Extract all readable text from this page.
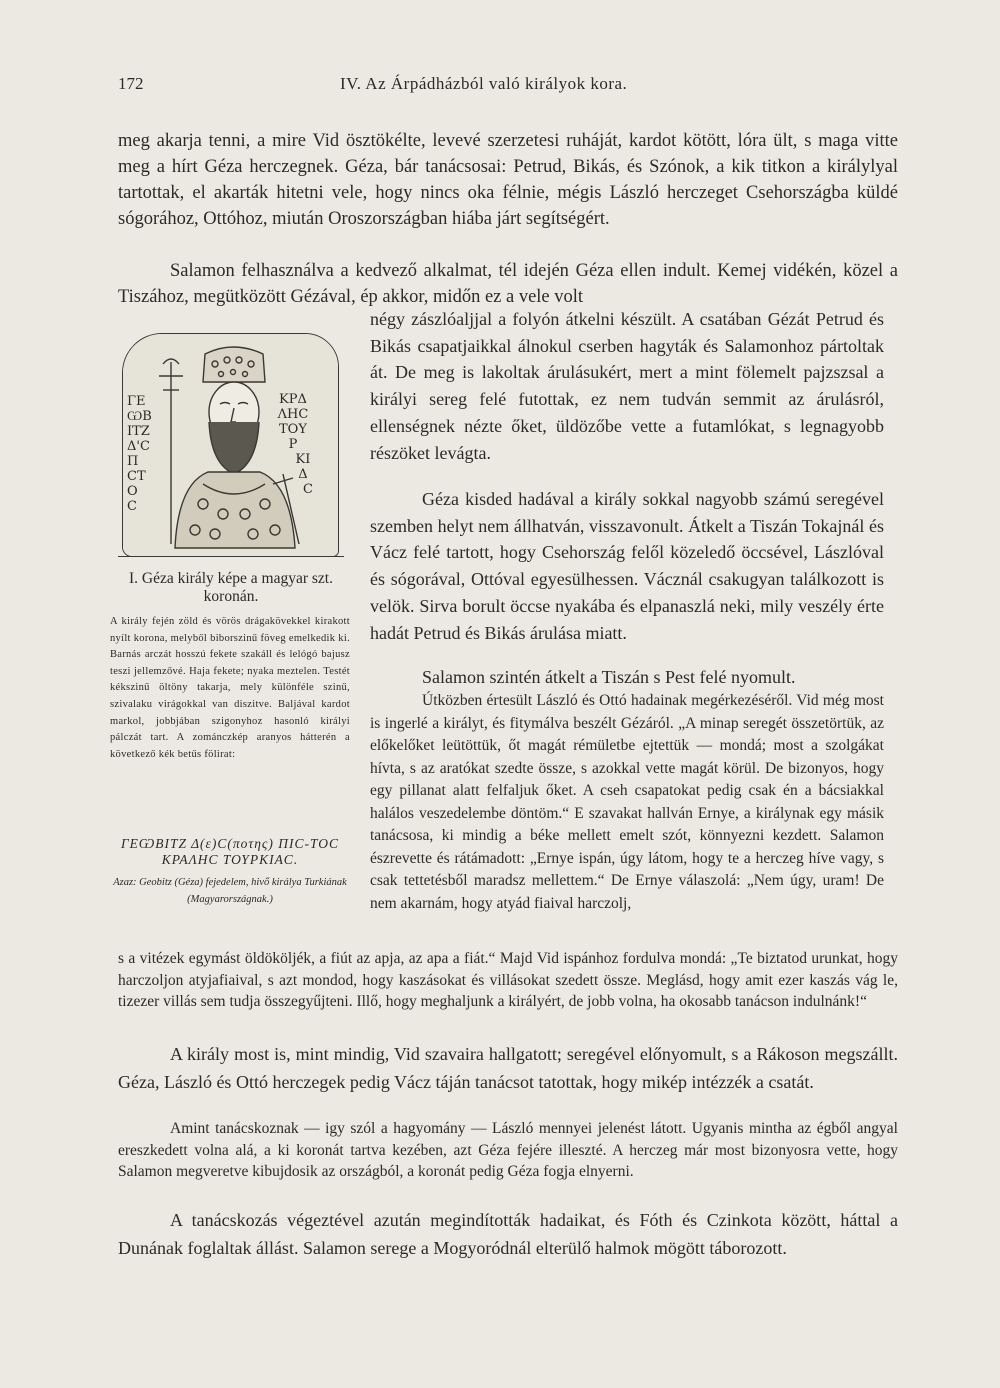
172	IV. Az Árpádházból való királyok kora.

meg akarja tenni, a mire Vid ösztökélte, levevé szerzetesi ruháját, kardot kötött, lóra ült, s maga vitte meg a hírt Géza herczegnek. Géza, bár tanácsosai: Petrud, Bikás, és Szónok, a kik titkon a királylyal tartottak, el akarták hitetni vele, hogy nincs oka félnie, mégis László herczeget Csehországba küldé sógorához, Ottóhoz, miután Oroszországban hiába járt segítségért.

Salamon felhasználva a kedvező alkalmat, tél idején Géza ellen indult. Kemej vidékén, közel a Tiszához, megütközött Gézával, ép akkor, midőn ez a vele volt

négy zászlóaljjal a folyón átkelni készült. A csatában Gézát Petrud és Bikás csapatjaikkal álnokul cserben hagyták és Salamonhoz pártoltak át. De meg is lakoltak árulásukért, mert a mint fölemelt pajzszsal a királyi sereg felé futottak, ez nem tudván semmit az árulásról, ellenségnek nézte őket, üldözőbe vette a futamlókat, s legnagyobb részöket levágta.

Géza kisded hadával a király sokkal nagyobb számú seregével szemben helyt nem állhatván, visszavonult. Átkelt a Tiszán Tokajnál és Vácz felé tartott, hogy Csehország felől közeledő öccsével, Lászlóval és sógorával, Ottóval egyesülhessen. Vácznál csakugyan találkozott is velök. Sirva borult öccse nyakába és elpanaszlá neki, mily veszély érte hadát Petrud és Bikás árulása miatt.

Salamon szintén átkelt a Tiszán s Pest felé nyomult.

Útközben értesült László és Ottó hadainak megérkezéséről. Vid még most is ingerlé a királyt, és fitymálva beszélt Gézáról. „A minap seregét összetörtük, az előkelőket leütöttük, őt magát rémületbe ejtettük — mondá; most a szolgákat hívta, s az aratókat szedte össze, s azokkal vette magát körül. De bizonyos, hogy egy pillanat alatt felfaljuk őket. A cseh csapatokat pedig csak én a bácsiakkal halálos veszedelembe döntöm.“ E szavakat hallván Ernye, a királynak egy másik tanácsosa, ki mindig a béke mellett emelt szót, könnyezni kezdett. Salamon észrevette és rátámadott: „Ernye ispán, úgy látom, hogy te a herczeg híve vagy, s csak tettetésből maradsz mellettem.“ De Ernye válaszolá: „Nem úgy, uram! De nem akarnám, hogy atyád fiaival harczolj,

ΓΕ
ѠΒ
ΙΤΖ
Δ'C
Π
CΤ
Ο
C
ΚΡΔ
ΛΗC
ΤΟΥ
Ρ
ΚΙ
Δ
C
I. Géza király képe a magyar szt. koronán.
A király fején zöld és vörös drágakövekkel kirakott nyílt korona, melyből biborszinű föveg emelkedik ki. Barnás arczát hosszú fekete szakáll és lelógó bajusz teszi jellemzővé. Haja fekete; nyaka meztelen. Testét kékszinű öltöny takarja, mely különféle szinű, szivalaku virágokkal van diszitve. Baljával kardot markol, jobbjában szigonyhoz hasonló királyi pálczát tart. A zománczkép aranyos hátterén a következő kék betűs fölirat:
ΓΕѠΒΙΤΖ Δ(ε)C(ποτης) ΠΙC-ΤΟC ΚΡΑΛΗC ΤΟΥΡΚΙΑC.
Azaz: Geobitz (Géza) fejedelem, hivő királya Turkiának (Magyarországnak.)

s a vitézek egymást öldököljék, a fiút az apja, az apa a fiát.“ Majd Vid ispánhoz fordulva mondá: „Te biztatod urunkat, hogy harczoljon atyjafiaival, s azt mondod, hogy kaszásokat és villásokat szedett össze. Meglásd, hogy amit ezer kaszás vág le, tizezer villás sem tudja összegyűjteni. Illő, hogy meghaljunk a királyért, de jobb volna, ha okosabb tanácson indulnánk!“

A király most is, mint mindig, Vid szavaira hallgatott; seregével előnyomult, s a Rákoson megszállt. Géza, László és Ottó herczegek pedig Vácz táján tanácsot tatottak, hogy mikép intézzék a csatát.

Amint tanácskoznak — igy szól a hagyomány — László mennyei jelenést látott. Ugyanis mintha az égből angyal ereszkedett volna alá, a ki koronát tartva kezében, azt Géza fejére illeszté. A herczeg már most bizonyosra vette, hogy Salamon megveretve kibujdosik az országból, a koronát pedig Géza fogja elnyerni.

A tanácskozás végeztével azután megindították hadaikat, és Fóth és Czinkota között, háttal a Dunának foglaltak állást. Salamon serege a Mogyoródnál elterülő halmok mögött táborozott.
